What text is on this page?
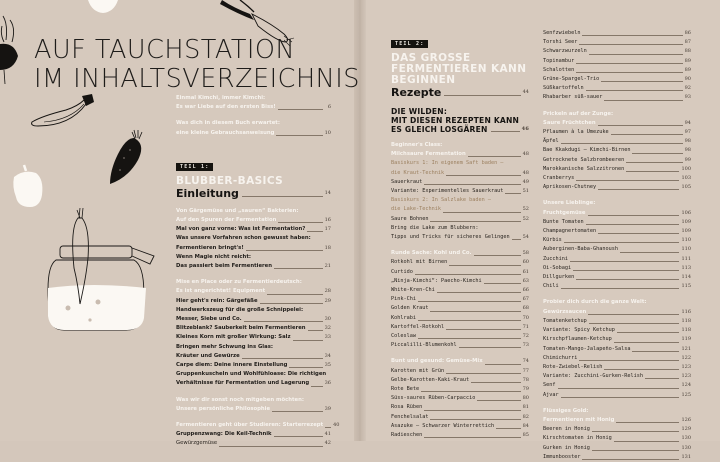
AUF TAUCHSTATION
IM INHALTSVERZEICHNIS
Einmal Kimchi, immer Kimchi:
Es war Liebe auf den ersten Biss!	6
Was dich in diesem Buch erwartet:
eine kleine Gebrauchsanweisung	10
TEIL 1:
BLUBBER-BASICS
Einleitung	14
Von Gärgemüse und „sauren“ Bakterien:
Auf den Spuren der Fermentation	16
Mal von ganz vorne: Was ist Fermentation?	17
Was unsere Vorfahren schon gewusst haben:
Fermentieren bringt's!	18
Wenn Magie nicht reicht:
Das passiert beim Fermentieren	21
Mise en Place oder zu Fermentierdeutsch:
Es ist angerichtet! Equipment	28
Hier geht's rein: Gärgefäße	29
Handwerkszeug für die große Schnippelei:
Messer, Siebe und Co.	30
Blitzeblank? Sauberkeit beim Fermentieren	32
Kleines Korn mit großer Wirkung: Salz	33
Bringen mehr Schwung ins Glas:
Kräuter und Gewürze	34
Carpe diem: Deine innere Einstellung	35
Gruppenkuscheln und Wohlfühloase: Die richtigen
Verhältnisse für Fermentation und Lagerung	36
Was wir dir sonst noch mitgeben möchten:
Unsere persönliche Philosophie	39
Fermentieren geht über Studieren: Starterrezept 40
Gruppenzwang: Die Keil-Technik	41
Gewürzgemüse	42
TEIL 2:
DAS GROSSE
FERMENTIEREN KANN
BEGINNEN
Rezepte	44
DIE WILDEN:
MIT DIESEN REZEPTEN KANN
ES GLEICH LOSGÄREN	46
Beginner's Class:
Milchsaure Fermentation	48
Basiskurs 1: In eigenem Saft baden –
die Kraut-Technik	48
Sauerkraut	49
Variante: Experimentelles Sauerkraut	51
Basiskurs 2: In Salzlake baden –
die Lake-Technik	52
Saure Bohnen	52
Bring die Lake zum Blubbern:
Tipps und Tricks für sicheres Gelingen	54
Runde Sache: Kohl und Co.	58
Rotkohl mit Birnen	60
Curtido	61
„Ninja-Kimchi“: Paecho-Kimchi	63
White-Kren-Chi	66
Pink-Chi	67
Golden Kraut	68
Kohlrabi	70
Kartoffel-Rotkohl	71
Coleslaw	72
Piccalilli-Blumenkohl	73
Bunt und gesund: Gemüse-Mix	74
Karotten mit Grün	77
Gelbe-Karotten-Kaki-Kraut	78
Rote Bete	79
Süss-saures Rüben-Carpaccio	80
Rosa Rüben	81
Fenchelsalat	82
Asazuke – Schwarzer Winterrettich	84
Radieschen	85
Senfzwiebeln	86
Torshi Seer	87
Schwarzwurzeln	88
Topinambur	89
Schalotten	89
Grüne-Spargel-Trio	90
Süßkartoffeln	92
Rhabarber süß-sauer	93
Prickeln auf der Zunge:
Saure Früchtchen	94
Pflaumen à la Umezuke	97
Äpfel	98
Bae Kkakdugi – Kimchi-Birnen	98
Getrocknete Salzbrombeeren	99
Marokkanische Salzzitronen	100
Cranberrys	103
Aprikosen-Chutney	105
Unsere Lieblinge:
Fruchtgemüse	106
Bunte Tomaten	109
Champagnertomaten	109
Kürbis	110
Auberginen-Baba-Ghanoush	110
Zucchini	111
Oi-Sobagi	113
Dillgurken	114
Chili	115
Probier dich durch die ganze Welt:
Gewürzsaucen	116
Tomatenketchup	118
Variante: Spicy Ketchup	118
Kirschpflaumen-Ketchup	119
Tomaten-Mango-Jalapeño-Salsa	121
Chimichurri	122
Rote-Zwiebel-Relish	123
Variante: Zucchini-Gurken-Relish	123
Senf	124
Ajvar	125
Flüssiges Gold:
Fermentieren mit Honig	126
Beeren in Honig	129
Kirschtomaten in Honig	130
Gurken in Honig	130
Immunbooster	131
